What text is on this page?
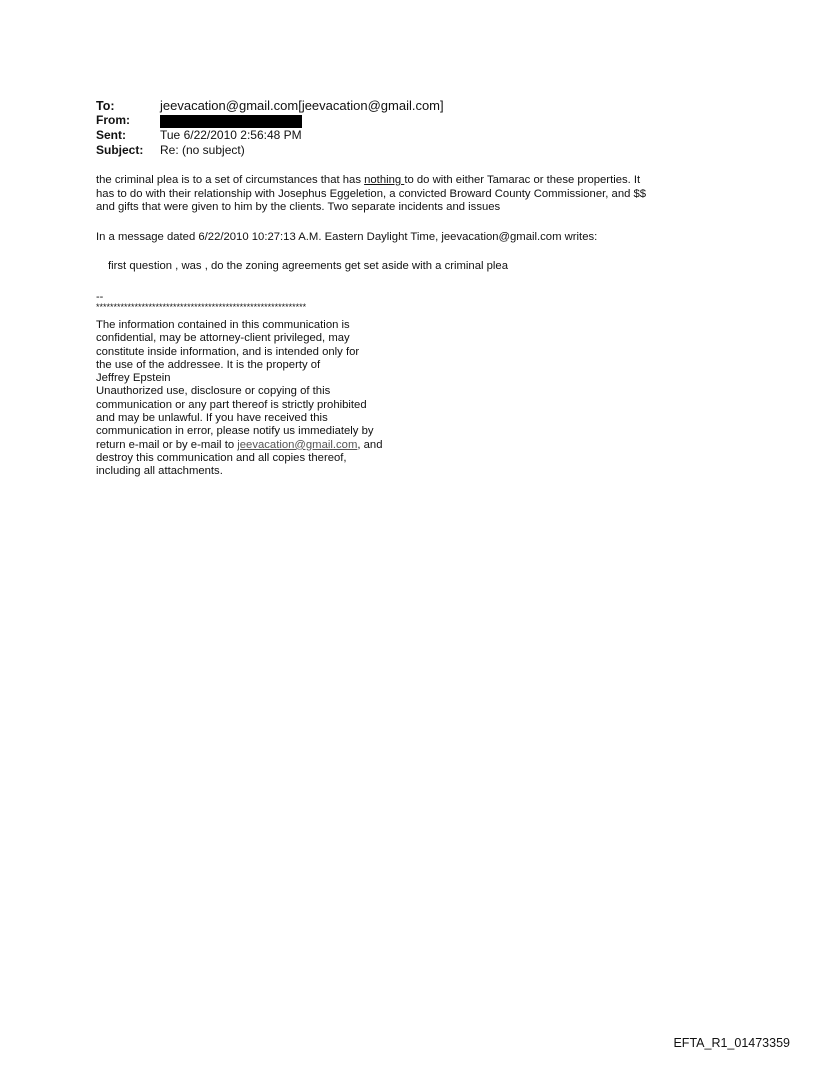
To:	jeevacation@gmail.com[jeevacation@gmail.com]
From:
Sent:	Tue 6/22/2010 2:56:48 PM
Subject:	Re: (no subject)
the criminal plea is to a set of circumstances that has nothing to do with either Tamarac or these properties. It
has to do with their relationship with Josephus Eggeletion, a convicted Broward County Commissioner, and $$
and gifts that were given to him by the clients. Two separate incidents and issues
In a message dated 6/22/2010 10:27:13 A.M. Eastern Daylight Time, jeevacation@gmail.com writes:
first question , was , do the zoning agreements get set aside with a criminal plea
--
************************************************************
The information contained in this communication is
confidential, may be attorney-client privileged, may
constitute inside information, and is intended only for
the use of the addressee. It is the property of
Jeffrey Epstein
Unauthorized use, disclosure or copying of this
communication or any part thereof is strictly prohibited
and may be unlawful. If you have received this
communication in error, please notify us immediately by
return e-mail or by e-mail to jeevacation@gmail.com, and
destroy this communication and all copies thereof,
including all attachments.
EFTA_R1_01473359
